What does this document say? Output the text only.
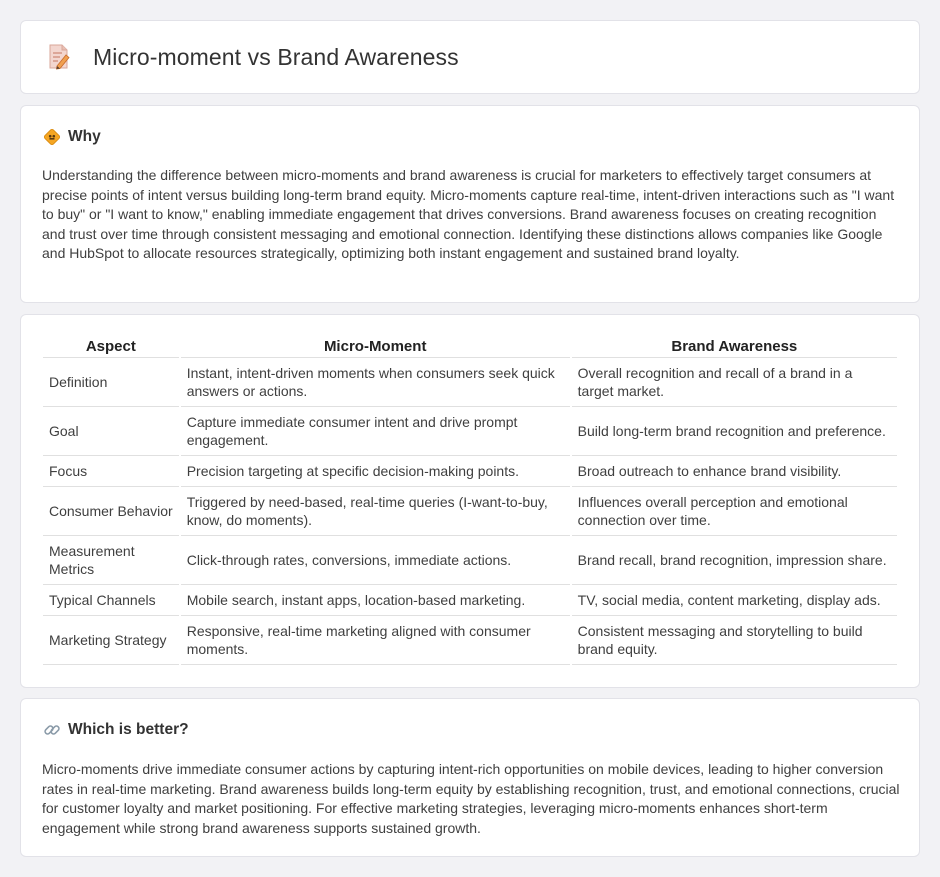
Micro-moment vs Brand Awareness
Why

Understanding the difference between micro-moments and brand awareness is crucial for marketers to effectively target consumers at precise points of intent versus building long-term brand equity. Micro-moments capture real-time, intent-driven interactions such as "I want to buy" or "I want to know," enabling immediate engagement that drives conversions. Brand awareness focuses on creating recognition and trust over time through consistent messaging and emotional connection. Identifying these distinctions allows companies like Google and HubSpot to allocate resources strategically, optimizing both instant engagement and sustained brand loyalty.

Aspect	Micro-Moment	Brand Awareness
Definition	Instant, intent-driven moments when consumers seek quick answers or actions.	Overall recognition and recall of a brand in a target market.
Goal	Capture immediate consumer intent and drive prompt engagement.	Build long-term brand recognition and preference.
Focus	Precision targeting at specific decision-making points.	Broad outreach to enhance brand visibility.
Consumer Behavior	Triggered by need-based, real-time queries (I-want-to-buy, know, do moments).	Influences overall perception and emotional connection over time.
Measurement Metrics	Click-through rates, conversions, immediate actions.	Brand recall, brand recognition, impression share.
Typical Channels	Mobile search, instant apps, location-based marketing.	TV, social media, content marketing, display ads.
Marketing Strategy	Responsive, real-time marketing aligned with consumer moments.	Consistent messaging and storytelling to build brand equity.
Which is better?

Micro-moments drive immediate consumer actions by capturing intent-rich opportunities on mobile devices, leading to higher conversion rates in real-time marketing. Brand awareness builds long-term equity by establishing recognition, trust, and emotional connections, crucial for customer loyalty and market positioning. For effective marketing strategies, leveraging micro-moments enhances short-term engagement while strong brand awareness supports sustained growth.
